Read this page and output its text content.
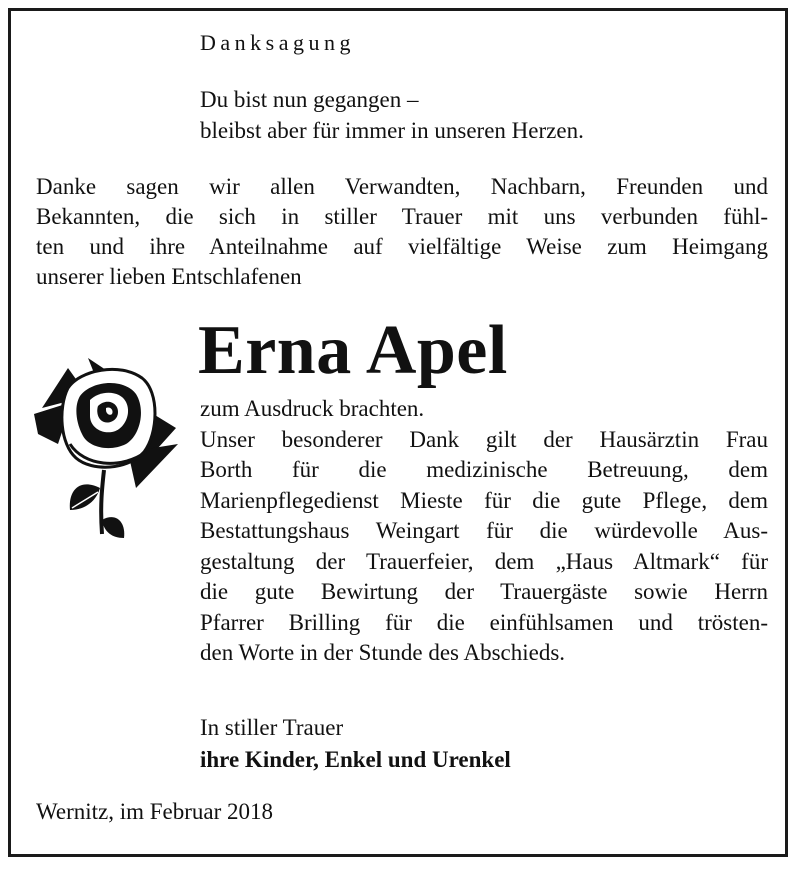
Danksagung
Du bist nun gegangen –
bleibst aber für immer in unseren Herzen.
Danke sagen wir allen Verwandten, Nachbarn, Freunden und
Bekannten, die sich in stiller Trauer mit uns verbunden fühl-
ten und ihre Anteilnahme auf vielfältige Weise zum Heimgang
unserer lieben Entschlafenen
Erna Apel
zum Ausdruck brachten.
Unser besonderer Dank gilt der Hausärztin Frau
Borth für die medizinische Betreuung, dem
Marienpflegedienst Mieste für die gute Pflege, dem
Bestattungshaus Weingart für die würdevolle Aus-
gestaltung der Trauerfeier, dem „Haus Altmark“ für
die gute Bewirtung der Trauergäste sowie Herrn
Pfarrer Brilling für die einfühlsamen und trösten-
den Worte in der Stunde des Abschieds.
In stiller Trauer
ihre Kinder, Enkel und Urenkel
Wernitz, im Februar 2018
